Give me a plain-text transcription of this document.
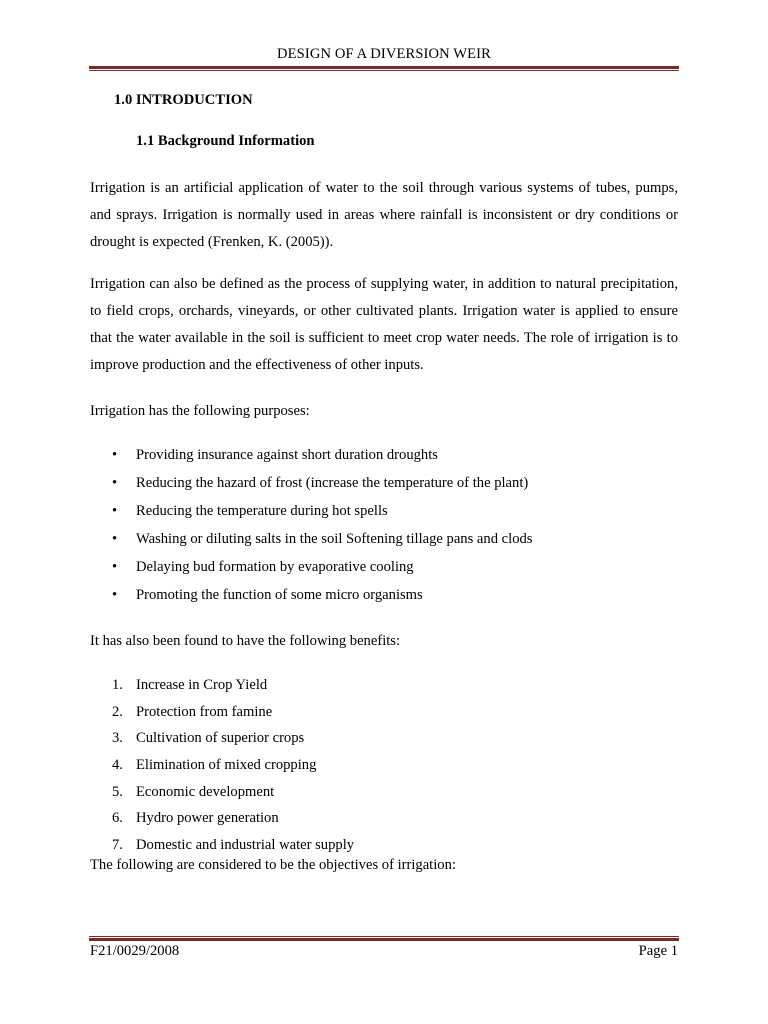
DESIGN OF A DIVERSION WEIR
1.0 INTRODUCTION
1.1 Background Information
Irrigation is an artificial application of water to the soil through various systems of tubes, pumps, and sprays. Irrigation is normally used in areas where rainfall is inconsistent or dry conditions or drought is expected (Frenken, K. (2005)).
Irrigation can also be defined as the process of supplying water, in addition to natural precipitation, to field crops, orchards, vineyards, or other cultivated plants. Irrigation water is applied to ensure that the water available in the soil is sufficient to meet crop water needs. The role of irrigation is to improve production and the effectiveness of other inputs.
Irrigation has the following purposes:
• Providing insurance against short duration droughts
• Reducing the hazard of frost (increase the temperature of the plant)
• Reducing the temperature during hot spells
• Washing or diluting salts in the soil Softening tillage pans and clods
• Delaying bud formation by evaporative cooling
• Promoting the function of some micro organisms
It has also been found to have the following benefits:
1. Increase in Crop Yield
2. Protection from famine
3. Cultivation of superior crops
4. Elimination of mixed cropping
5. Economic development
6. Hydro power generation
7. Domestic and industrial water supply
The following are considered to be the objectives of irrigation:
F21/0029/2008	Page 1
